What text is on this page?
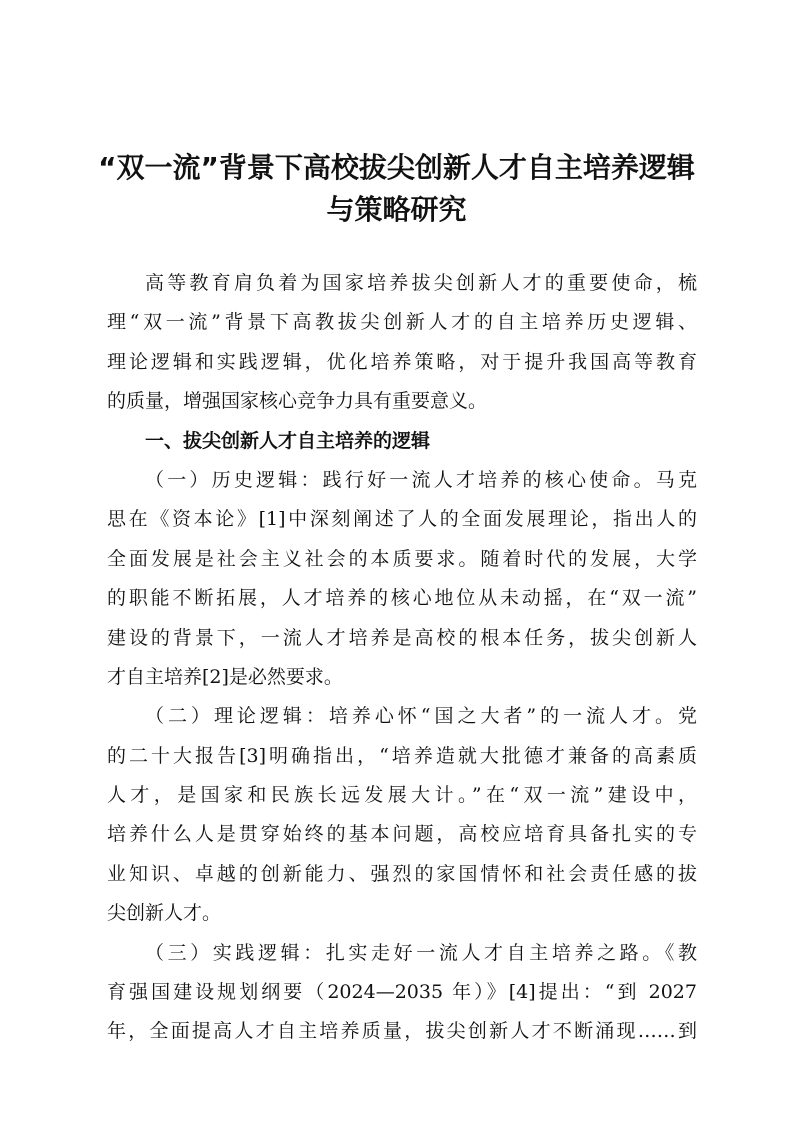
“双一流”背景下高校拔尖创新人才自主培养逻辑
与策略研究
高等教育肩负着为国家培养拔尖创新人才的重要使命，梳
理“双一流”背景下高教拔尖创新人才的自主培养历史逻辑、
理论逻辑和实践逻辑，优化培养策略，对于提升我国高等教育
的质量，增强国家核心竞争力具有重要意义。
一、拔尖创新人才自主培养的逻辑
（一）历史逻辑：践行好一流人才培养的核心使命。马克
思在《资本论》[1]中深刻阐述了人的全面发展理论，指出人的
全面发展是社会主义社会的本质要求。随着时代的发展，大学
的职能不断拓展，人才培养的核心地位从未动摇，在“双一流”
建设的背景下，一流人才培养是高校的根本任务，拔尖创新人
才自主培养[2]是必然要求。
（二）理论逻辑：培养心怀“国之大者”的一流人才。党
的二十大报告[3]明确指出，“培养造就大批德才兼备的高素质
人才，是国家和民族长远发展大计。”在“双一流”建设中，
培养什么人是贯穿始终的基本问题，高校应培育具备扎实的专
业知识、卓越的创新能力、强烈的家国情怀和社会责任感的拔
尖创新人才。
（三）实践逻辑：扎实走好一流人才自主培养之路。《教
育强国建设规划纲要（2024—2035 年）》[4]提出：“到 2027
年，全面提高人才自主培养质量，拔尖创新人才不断涌现……到
